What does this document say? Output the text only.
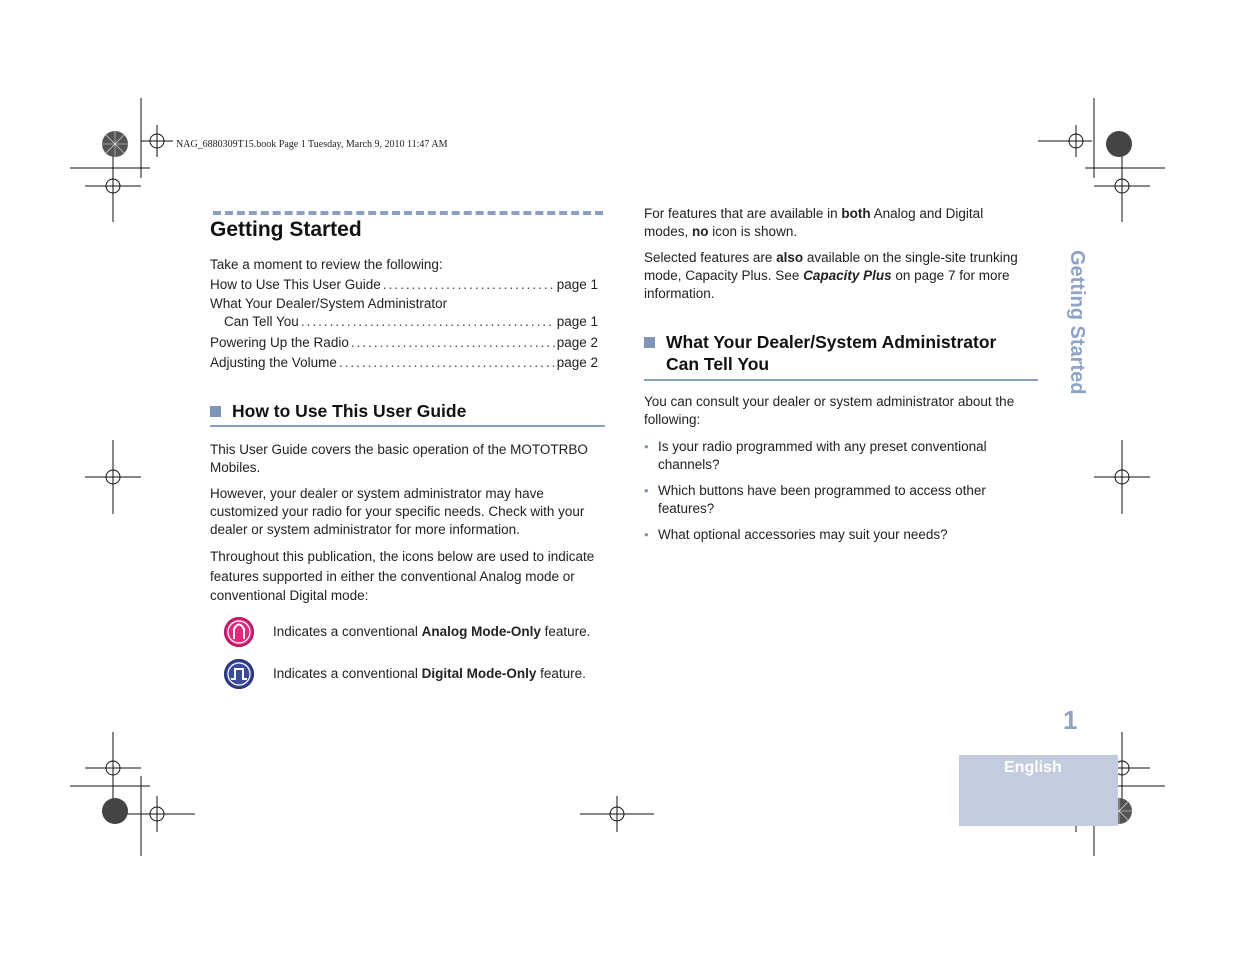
NAG_6880309T15.book Page 1 Tuesday, March 9, 2010 11:47 AM
Getting Started
Take a moment to review the following:
How to Use This User Guide .....	page 1
What Your Dealer/System Administrator
Can Tell You .....	page 1
Powering Up the Radio .....	page 2
Adjusting the Volume .....	page 2
How to Use This User Guide

This User Guide covers the basic operation of the MOTOTRBO Mobiles.

However, your dealer or system administrator may have customized your radio for your specific needs. Check with your dealer or system administrator for more information.

Throughout this publication, the icons below are used to indicate features supported in either the conventional Analog mode or conventional Digital mode:

Indicates a conventional Analog Mode-Only feature.
Indicates a conventional Digital Mode-Only feature.

For features that are available in both Analog and Digital modes, no icon is shown.

Selected features are also available on the single-site trunking mode, Capacity Plus. See Capacity Plus on page 7 for more information.

What Your Dealer/System Administrator
Can Tell You
You can consult your dealer or system administrator about the following:
• Is your radio programmed with any preset conventional channels?
• Which buttons have been programmed to access other features?
• What optional accessories may suit your needs?
Getting Started
1
English
